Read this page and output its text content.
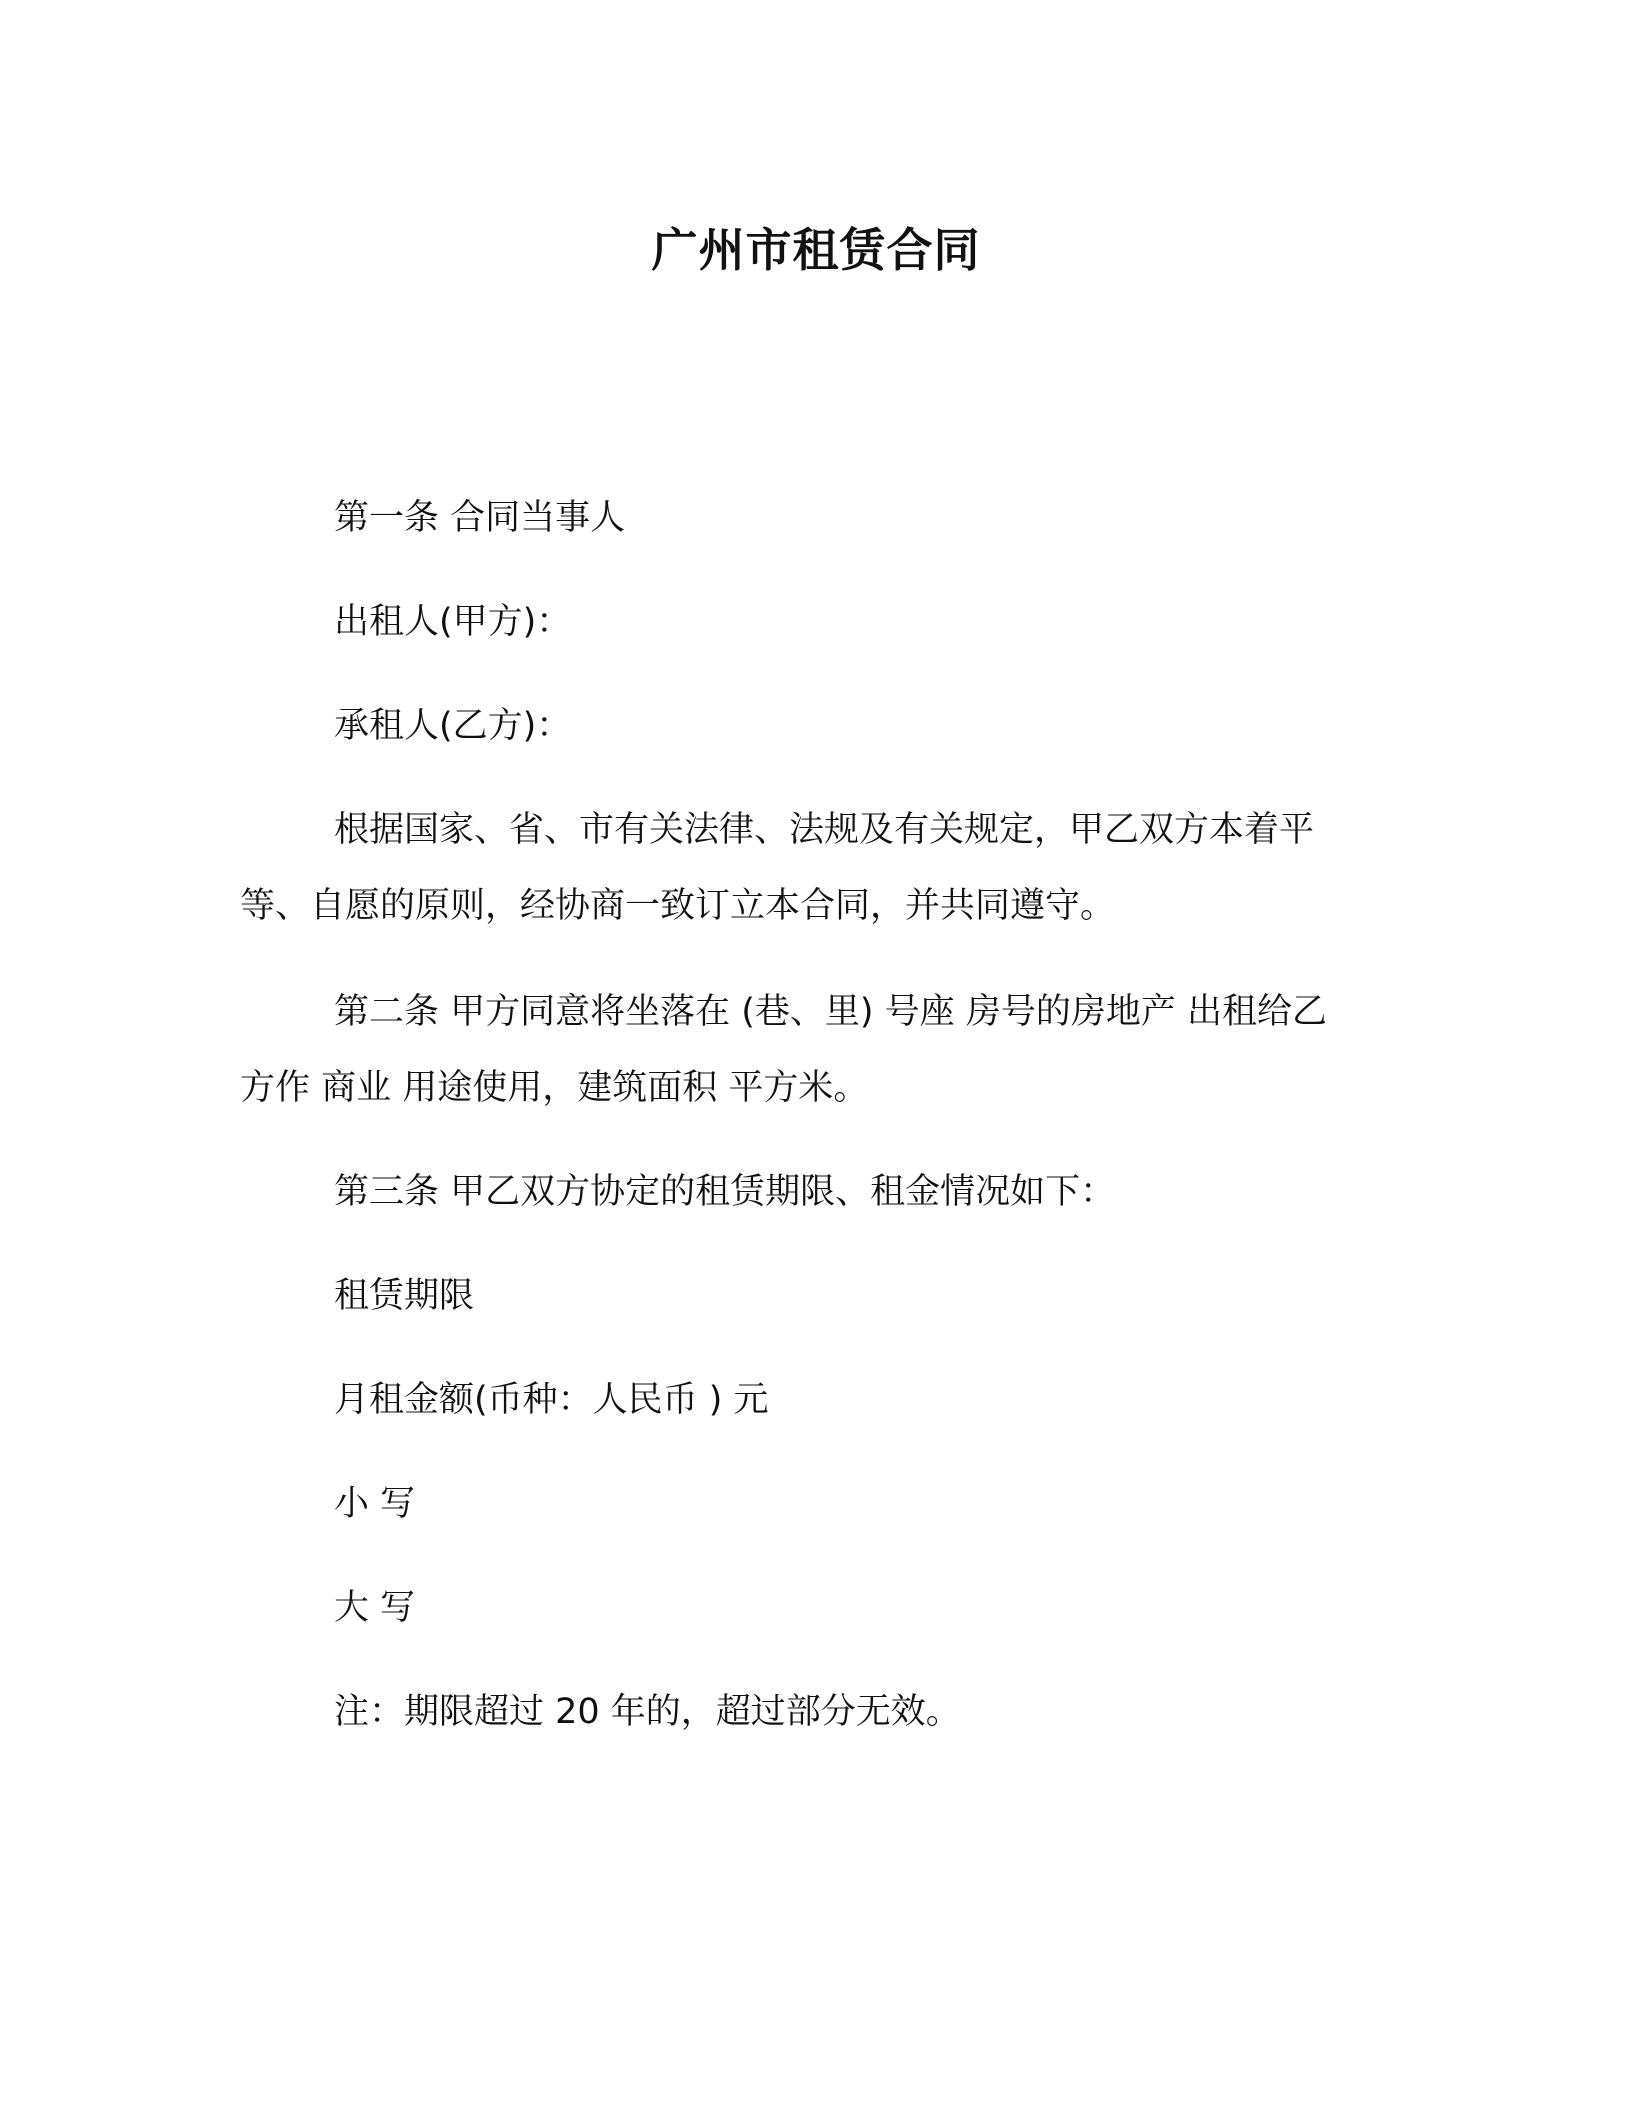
广州市租赁合同
第一条 合同当事人
出租人(甲方)：
承租人(乙方)：
根据国家、省、市有关法律、法规及有关规定，甲乙双方本着平
等、自愿的原则，经协商一致订立本合同，并共同遵守。
第二条 甲方同意将坐落在 (巷、里) 号座 房号的房地产 出租给乙
方作 商业 用途使用，建筑面积 平方米。
第三条 甲乙双方协定的租赁期限、租金情况如下：
租赁期限
月租金额(币种：人民币 ) 元
小 写
大 写
注：期限超过 20 年的，超过部分无效。
